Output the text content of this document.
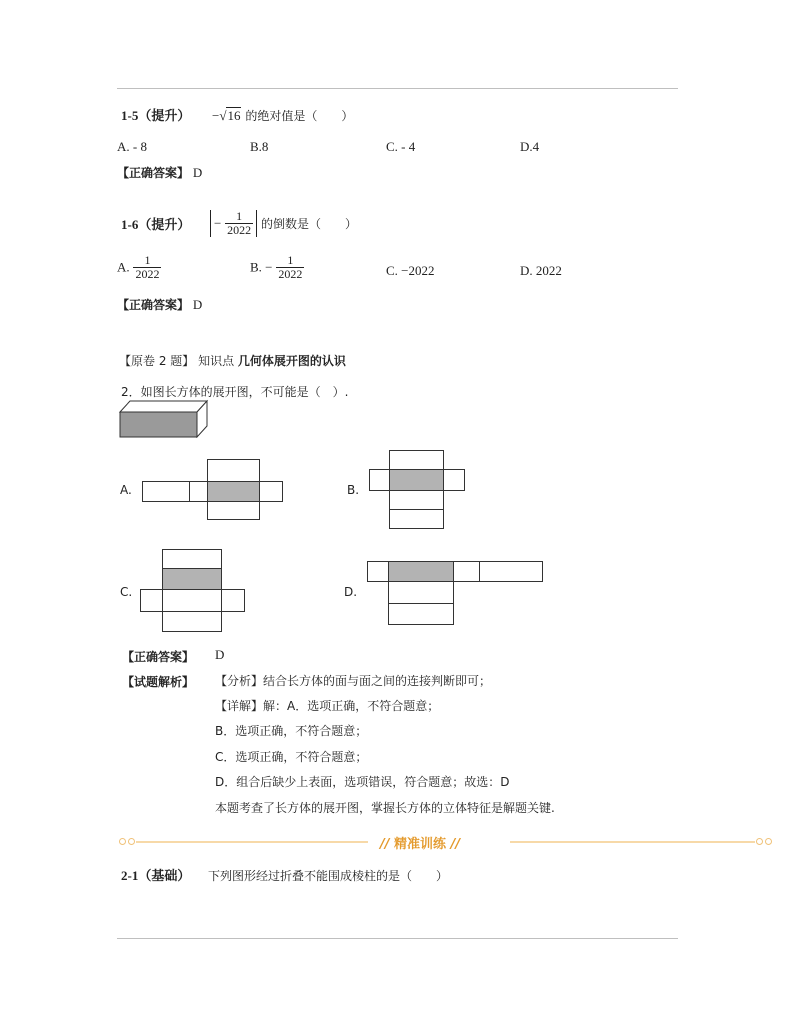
1-5（提升） −√16 的绝对值是（　　）
A. - 8	B.8	C. - 4	D.4
【正确答案】 D
1-6（提升） − $\frac{1}{2022}$ 的倒数是（　　）
A. $\frac{1}{2022}$	B. − $\frac{1}{2022}$	C. −2022	D. 2022
【正确答案】 D
【原卷 2 题】 知识点 几何体展开图的认识
2．如图长方体的展开图，不可能是（　）.
A.	B.
C.	D.
【正确答案】 D
【试题解析】 【分析】结合长方体的面与面之间的连接判断即可；
【详解】解：A．选项正确，不符合题意；
B．选项正确，不符合题意；
C．选项正确，不符合题意；
D．组合后缺少上表面，选项错误，符合题意；故选：D
本题考查了长方体的展开图，掌握长方体的立体特征是解题关键.
// 精准训练 //
2-1（基础） 下列图形经过折叠不能围成棱柱的是（　　）
